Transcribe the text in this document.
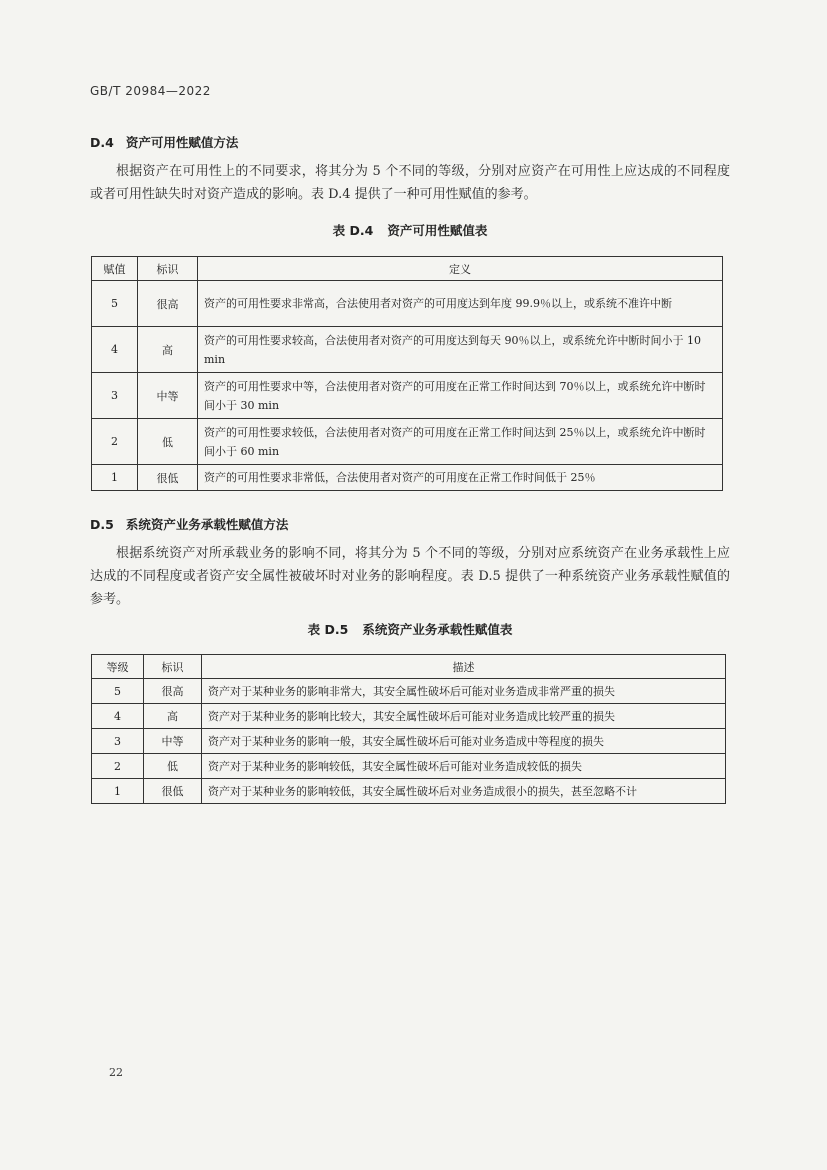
GB/T 20984—2022
D.4 资产可用性赋值方法
根据资产在可用性上的不同要求，将其分为 5 个不同的等级，分别对应资产在可用性上应达成的不同程度或者可用性缺失时对资产造成的影响。表 D.4 提供了一种可用性赋值的参考。
表 D.4 资产可用性赋值表
赋值	标识	定义
5	很高	资产的可用性要求非常高，合法使用者对资产的可用度达到年度 99.9％以上，或系统不准许中断
4	高	资产的可用性要求较高，合法使用者对资产的可用度达到每天 90％以上，或系统允许中断时间小于 10 min
3	中等	资产的可用性要求中等，合法使用者对资产的可用度在正常工作时间达到 70％以上，或系统允许中断时间小于 30 min
2	低	资产的可用性要求较低，合法使用者对资产的可用度在正常工作时间达到 25％以上，或系统允许中断时间小于 60 min
1	很低	资产的可用性要求非常低，合法使用者对资产的可用度在正常工作时间低于 25％
D.5 系统资产业务承载性赋值方法
根据系统资产对所承载业务的影响不同，将其分为 5 个不同的等级，分别对应系统资产在业务承载性上应达成的不同程度或者资产安全属性被破坏时对业务的影响程度。表 D.5 提供了一种系统资产业务承载性赋值的参考。
表 D.5 系统资产业务承载性赋值表
等级	标识	描述
5	很高	资产对于某种业务的影响非常大，其安全属性破坏后可能对业务造成非常严重的损失
4	高	资产对于某种业务的影响比较大，其安全属性破坏后可能对业务造成比较严重的损失
3	中等	资产对于某种业务的影响一般，其安全属性破坏后可能对业务造成中等程度的损失
2	低	资产对于某种业务的影响较低，其安全属性破坏后可能对业务造成较低的损失
1	很低	资产对于某种业务的影响较低，其安全属性破坏后对业务造成很小的损失，甚至忽略不计
22
